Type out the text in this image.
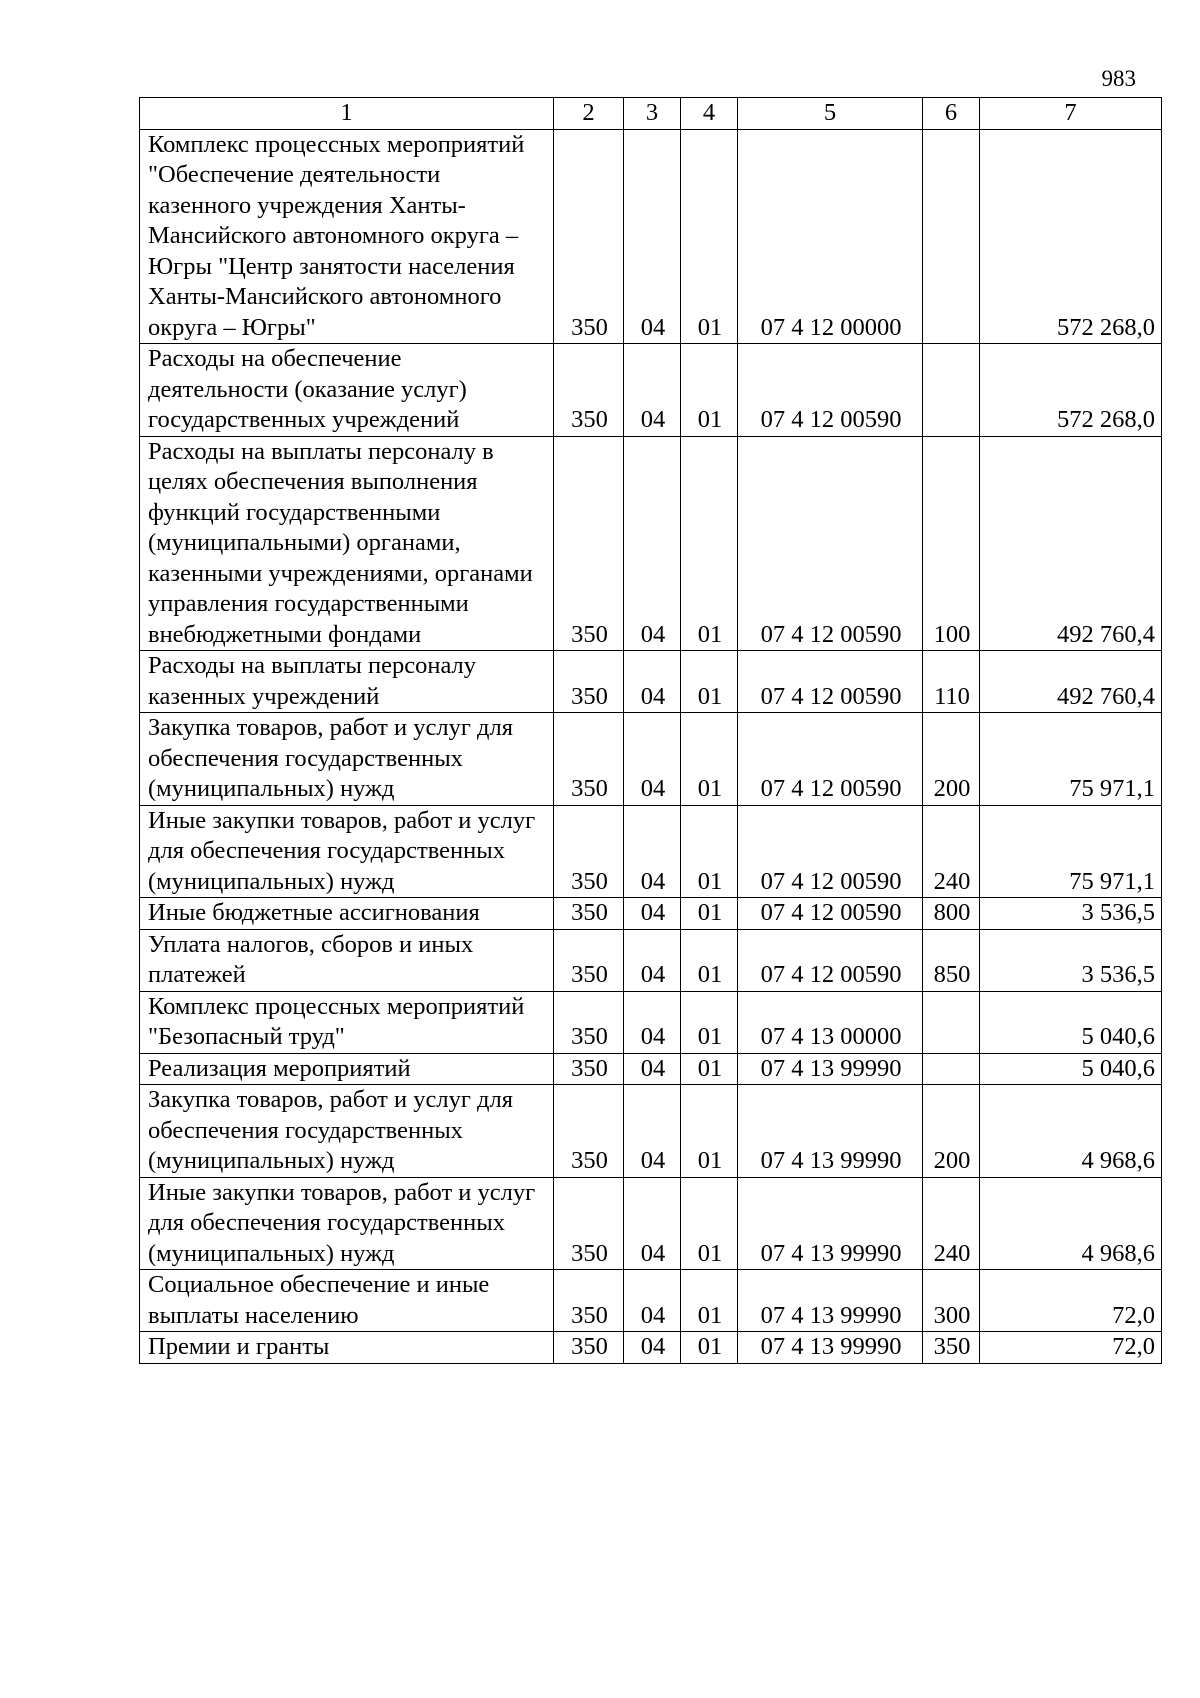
983
1	2	3	4	5	6	7
Комплекс процессных мероприятий "Обеспечение деятельности казенного учреждения Ханты-Мансийского автономного округа – Югры "Центр занятости населения Ханты-Мансийского автономного округа – Югры"	350	04	01	07 4 12 00000		572 268,0
Расходы на обеспечение деятельности (оказание услуг) государственных учреждений	350	04	01	07 4 12 00590		572 268,0
Расходы на выплаты персоналу в целях обеспечения выполнения функций государственными (муниципальными) органами, казенными учреждениями, органами управления государственными внебюджетными фондами	350	04	01	07 4 12 00590	100	492 760,4
Расходы на выплаты персоналу казенных учреждений	350	04	01	07 4 12 00590	110	492 760,4
Закупка товаров, работ и услуг для обеспечения государственных (муниципальных) нужд	350	04	01	07 4 12 00590	200	75 971,1
Иные закупки товаров, работ и услуг для обеспечения государственных (муниципальных) нужд	350	04	01	07 4 12 00590	240	75 971,1
Иные бюджетные ассигнования	350	04	01	07 4 12 00590	800	3 536,5
Уплата налогов, сборов и иных платежей	350	04	01	07 4 12 00590	850	3 536,5
Комплекс процессных мероприятий "Безопасный труд"	350	04	01	07 4 13 00000		5 040,6
Реализация мероприятий	350	04	01	07 4 13 99990		5 040,6
Закупка товаров, работ и услуг для обеспечения государственных (муниципальных) нужд	350	04	01	07 4 13 99990	200	4 968,6
Иные закупки товаров, работ и услуг для обеспечения государственных (муниципальных) нужд	350	04	01	07 4 13 99990	240	4 968,6
Социальное обеспечение и иные выплаты населению	350	04	01	07 4 13 99990	300	72,0
Премии и гранты	350	04	01	07 4 13 99990	350	72,0
